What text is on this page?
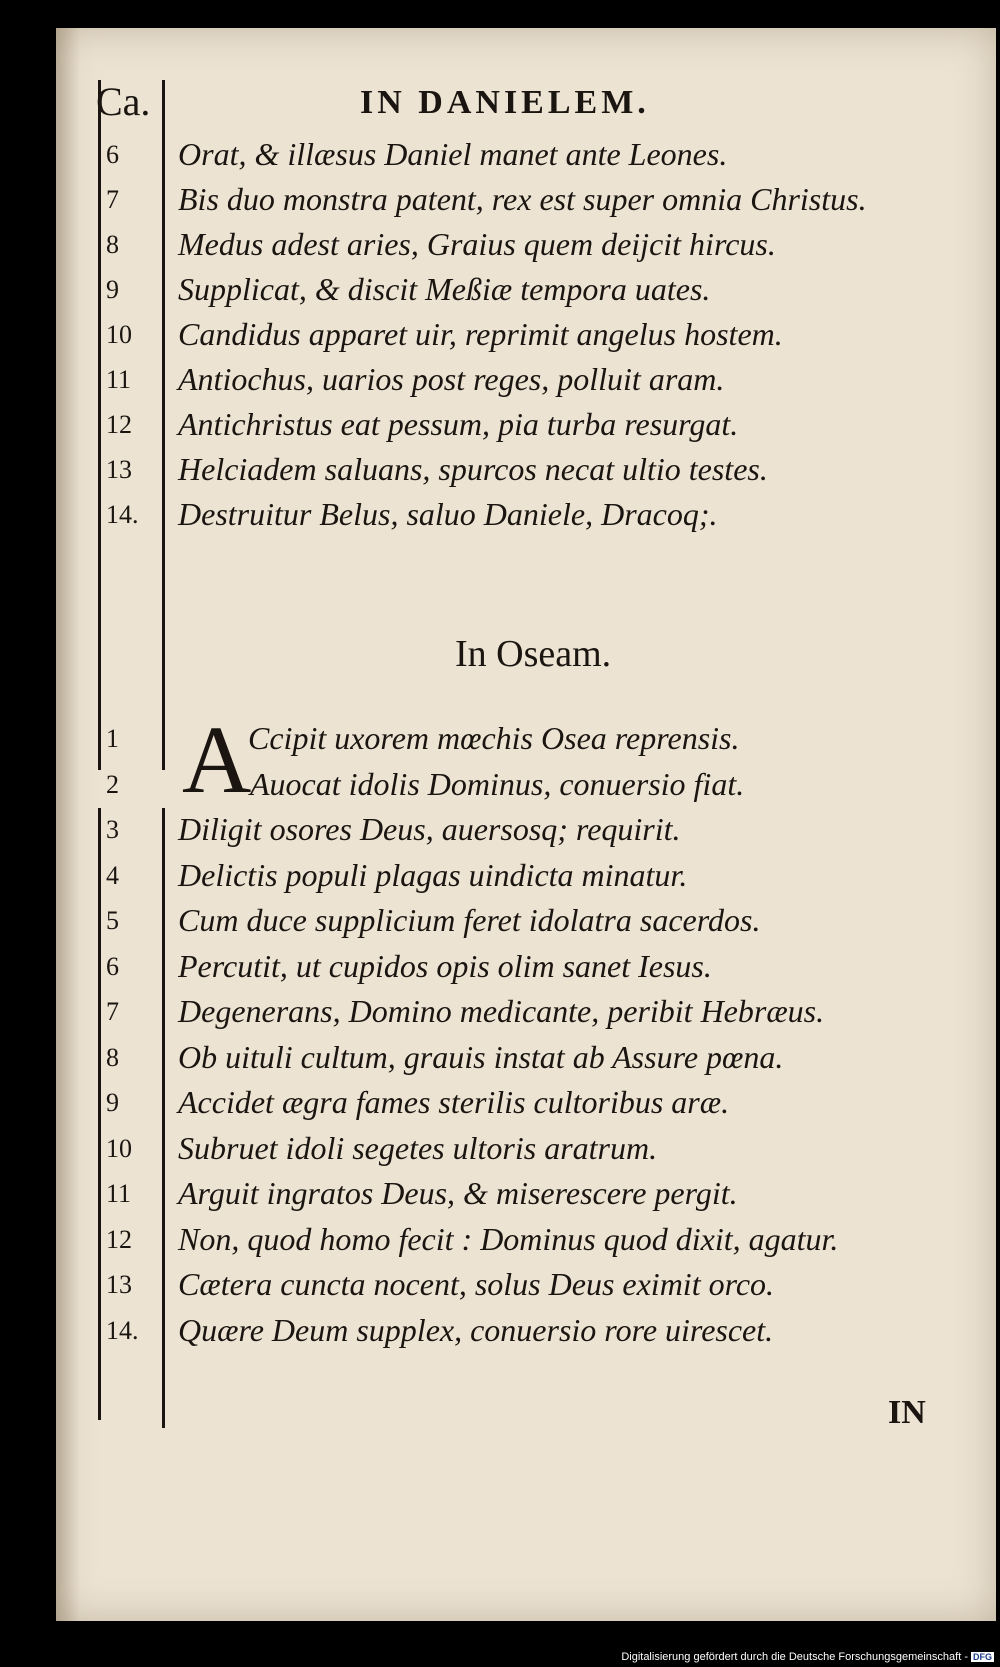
Ca.	IN DANIELEM.
6 Orat, & illæsus Daniel manet ante Leones.
7 Bis duo monstra patent, rex est super omnia Christus.
8 Medus adest aries, Graius quem deijcit hircus.
9 Supplicat, & discit Meßiæ tempora uates.
10 Candidus apparet uir, reprimit angelus hostem.
11 Antiochus, uarios post reges, polluit aram.
12 Antichristus eat pessum, pia turba resurgat.
13 Helciadem saluans, spurcos necat ultio testes.
14. Destruitur Belus, saluo Daniele, Dracoq;.
In Oseam.
A
1	Ccipit uxorem mœchis Osea reprensis.
2	Auocat idolis Dominus, conuersio fiat.
3 Diligit osores Deus, auersosq; requirit.
4 Delictis populi plagas uindicta minatur.
5 Cum duce supplicium feret idolatra sacerdos.
6 Percutit, ut cupidos opis olim sanet Iesus.
7 Degenerans, Domino medicante, peribit Hebræus.
8 Ob uituli cultum, grauis instat ab Assure pœna.
9 Accidet ægra fames sterilis cultoribus aræ.
10 Subruet idoli segetes ultoris aratrum.
11 Arguit ingratos Deus, & miserescere pergit.
12 Non, quod homo fecit : Dominus quod dixit, agatur.
13 Cætera cuncta nocent, solus Deus eximit orco.
14. Quære Deum supplex, conuersio rore uirescet.
IN
Digitalisierung gefördert durch die Deutsche Forschungsgemeinschaft - DFG
